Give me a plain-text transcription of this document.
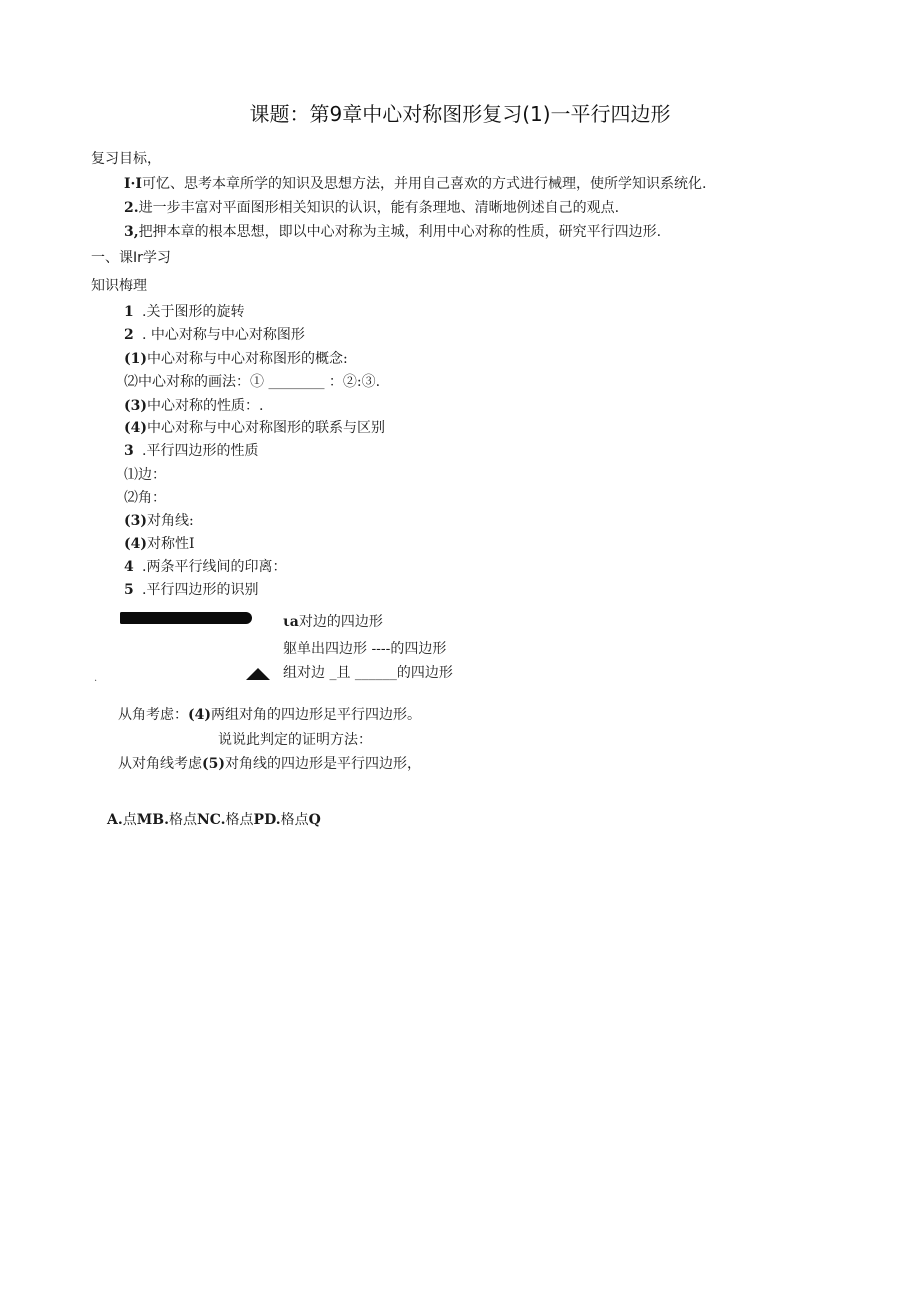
课题：第9章中心对称图形复习(1)一平行四边形
复习目标，
I·I可忆、思考本章所学的知识及思想方法，并用自己喜欢的方式进行械理，使所学知识系统化.
2.进一步丰富对平面图形相关知识的认识，能有条理地、清晰地例述自己的观点.
3,把押本章的根本思想，即以中心对称为主城，利用中心对称的性质，研究平行四边形.
一、课Ir学习
知识梅理
1 .关于图形的旋转
2 . 中心对称与中心对称图形
(1)中心对称与中心对称图形的概念:
⑵中心对称的画法：① ________ ：②:③.
(3)中心对称的性质：.
(4)中心对称与中心对称图形的联系与区别
3 .平行四边形的性质
⑴边：
⑵角：
(3)对角线:
(4)对称性I
4 .两条平行线间的印离：
5 .平行四边形的识别
.
ιa对边的四边形
躯单出四边形 ----的四边形
组对边 _且 ______的四边形
从角考虑：(4)两组对角的四边形足平行四边形。
说说此判定的证明方法：
从对角线考虑(5)对角线的四边形是平行四边形，
A.点MB.格点NC.格点PD.格点Q
